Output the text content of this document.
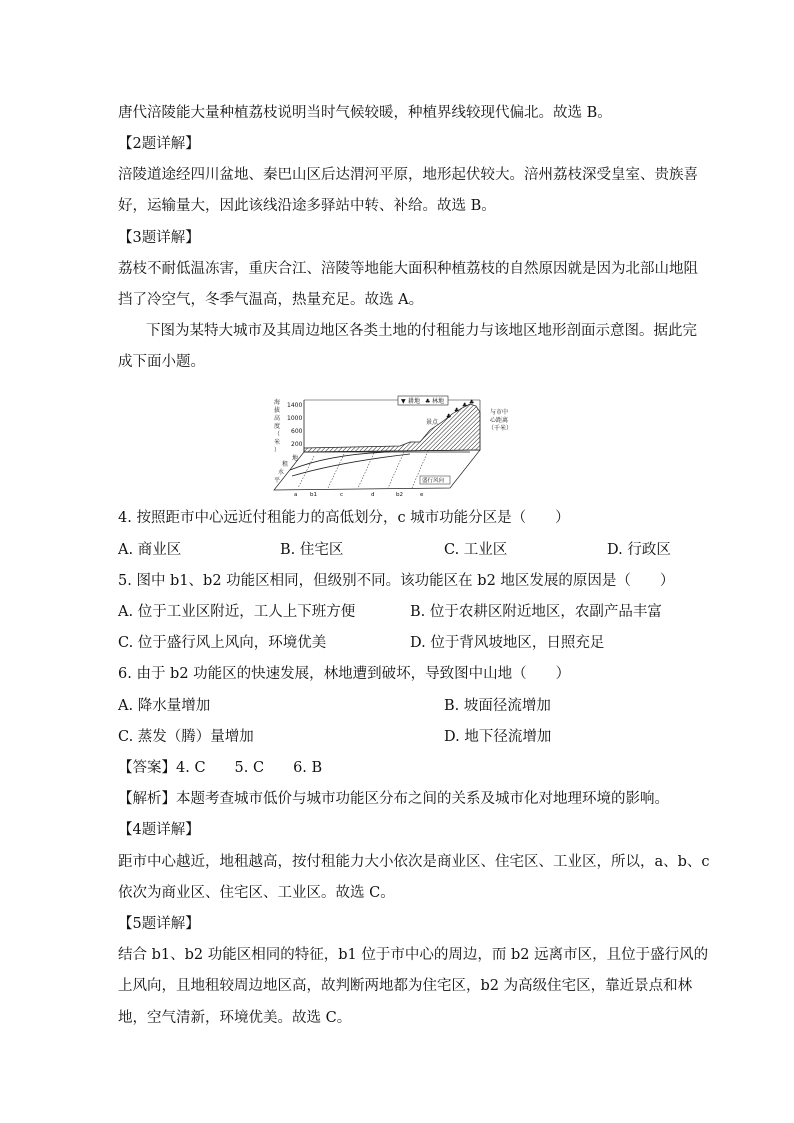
唐代涪陵能大量种植荔枝说明当时气候较暖，种植界线较现代偏北。故选 B。
【2题详解】
涪陵道途经四川盆地、秦巴山区后达渭河平原，地形起伏较大。涪州荔枝深受皇室、贵族喜
好，运输量大，因此该线沿途多驿站中转、补给。故选 B。
【3题详解】
荔枝不耐低温冻害，重庆合江、涪陵等地能大面积种植荔枝的自然原因就是因为北部山地阻
挡了冷空气，冬季气温高，热量充足。故选 A。
下图为某特大城市及其周边地区各类土地的付租能力与该地区地形剖面示意图。据此完
成下面小题。
海
拔
高
度
（
米
）
1400
1000
600
200
▼ 耕地 ♣ 林地
♣
♣
♣ ♣
景点
与市中
心距离
（千米）
租
水
平
地
盛行风向
a b1	c	d	b2	e
4. 按照距市中心远近付租能力的高低划分，c 城市功能分区是（　　）
A. 商业区	B. 住宅区	C. 工业区	D. 行政区
5. 图中 b1、b2 功能区相同，但级别不同。该功能区在 b2 地区发展的原因是（　　）
A. 位于工业区附近，工人上下班方便	B. 位于农耕区附近地区，农副产品丰富
C. 位于盛行风上风向，环境优美	D. 位于背风坡地区，日照充足
6. 由于 b2 功能区的快速发展，林地遭到破坏，导致图中山地（　　）
A. 降水量增加	B. 坡面径流增加
C. 蒸发（腾）量增加	D. 地下径流增加
【答案】4. C　　5. C　　6. B
【解析】本题考查城市低价与城市功能区分布之间的关系及城市化对地理环境的影响。
【4题详解】
距市中心越近，地租越高，按付租能力大小依次是商业区、住宅区、工业区，所以，a、b、c
依次为商业区、住宅区、工业区。故选 C。
【5题详解】
结合 b1、b2 功能区相同的特征，b1 位于市中心的周边，而 b2 远离市区，且位于盛行风的
上风向，且地租较周边地区高，故判断两地都为住宅区，b2 为高级住宅区，靠近景点和林
地，空气清新，环境优美。故选 C。
